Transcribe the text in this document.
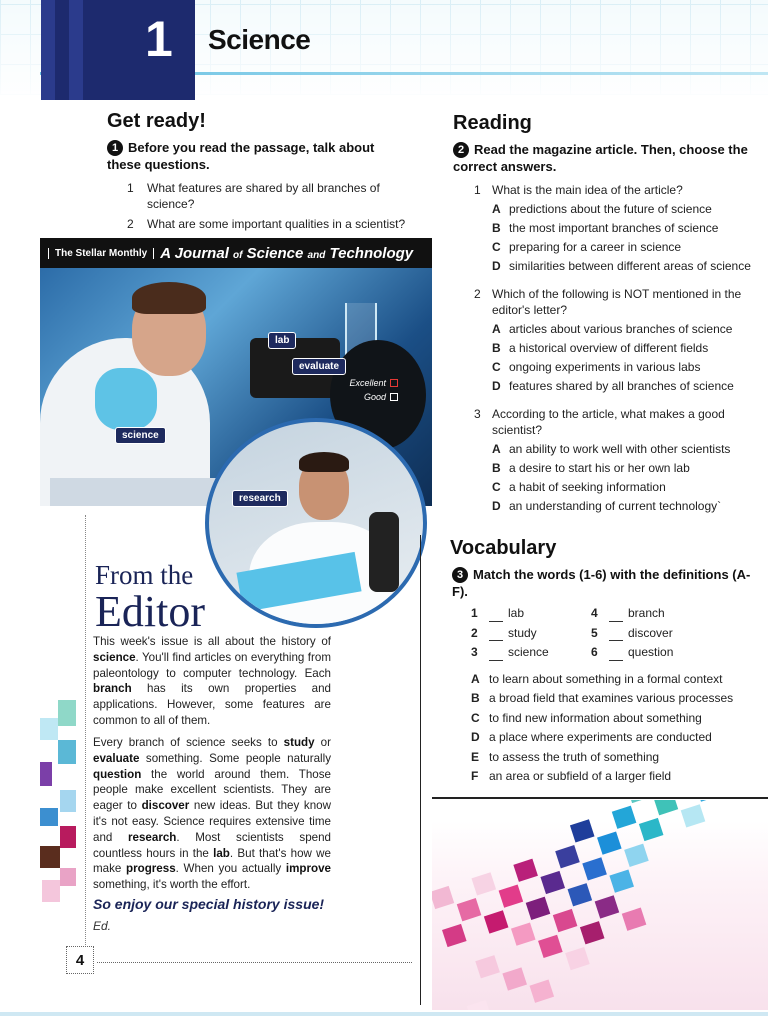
1 Science
Get ready!
1 Before you read the passage, talk about these questions.
1	What features are shared by all branches of science?
2	What are some important qualities in a scientist?
The Stellar Monthly A Journal of Science and Technology
Excellent
Good
lab
evaluate
science
research
From the
Editor
This week's issue is all about the history of science. You'll find articles on everything from paleontology to computer technology. Each branch has its own properties and applications. However, some features are common to all of them.
Every branch of science seeks to study or evaluate something. Some people naturally question the world around them. Those people make excellent scientists. They are eager to discover new ideas. But they know it's not easy. Science requires extensive time and research. Most scientists spend countless hours in the lab. But that's how we make progress. When you actually improve something, it's worth the effort.
So enjoy our special history issue!
Ed.
4
Reading
2 Read the magazine article. Then, choose the correct answers.
1 What is the main idea of the article?
A predictions about the future of science
B the most important branches of science
C preparing for a career in science
D similarities between different areas of science
2 Which of the following is NOT mentioned in the editor's letter?
A articles about various branches of science
B a historical overview of different fields
C ongoing experiments in various labs
D features shared by all branches of science
3 According to the article, what makes a good scientist?
A an ability to work well with other scientists
B a desire to start his or her own lab
C a habit of seeking information
D an understanding of current technology`
Vocabulary
3 Match the words (1-6) with the definitions (A-F).
1	lab	4	branch
2	study	5	discover
3	science	6	question
A to learn about something in a formal context
B a broad field that examines various processes
C to find new information about something
D a place where experiments are conducted
E to assess the truth of something
F an area or subfield of a larger field
